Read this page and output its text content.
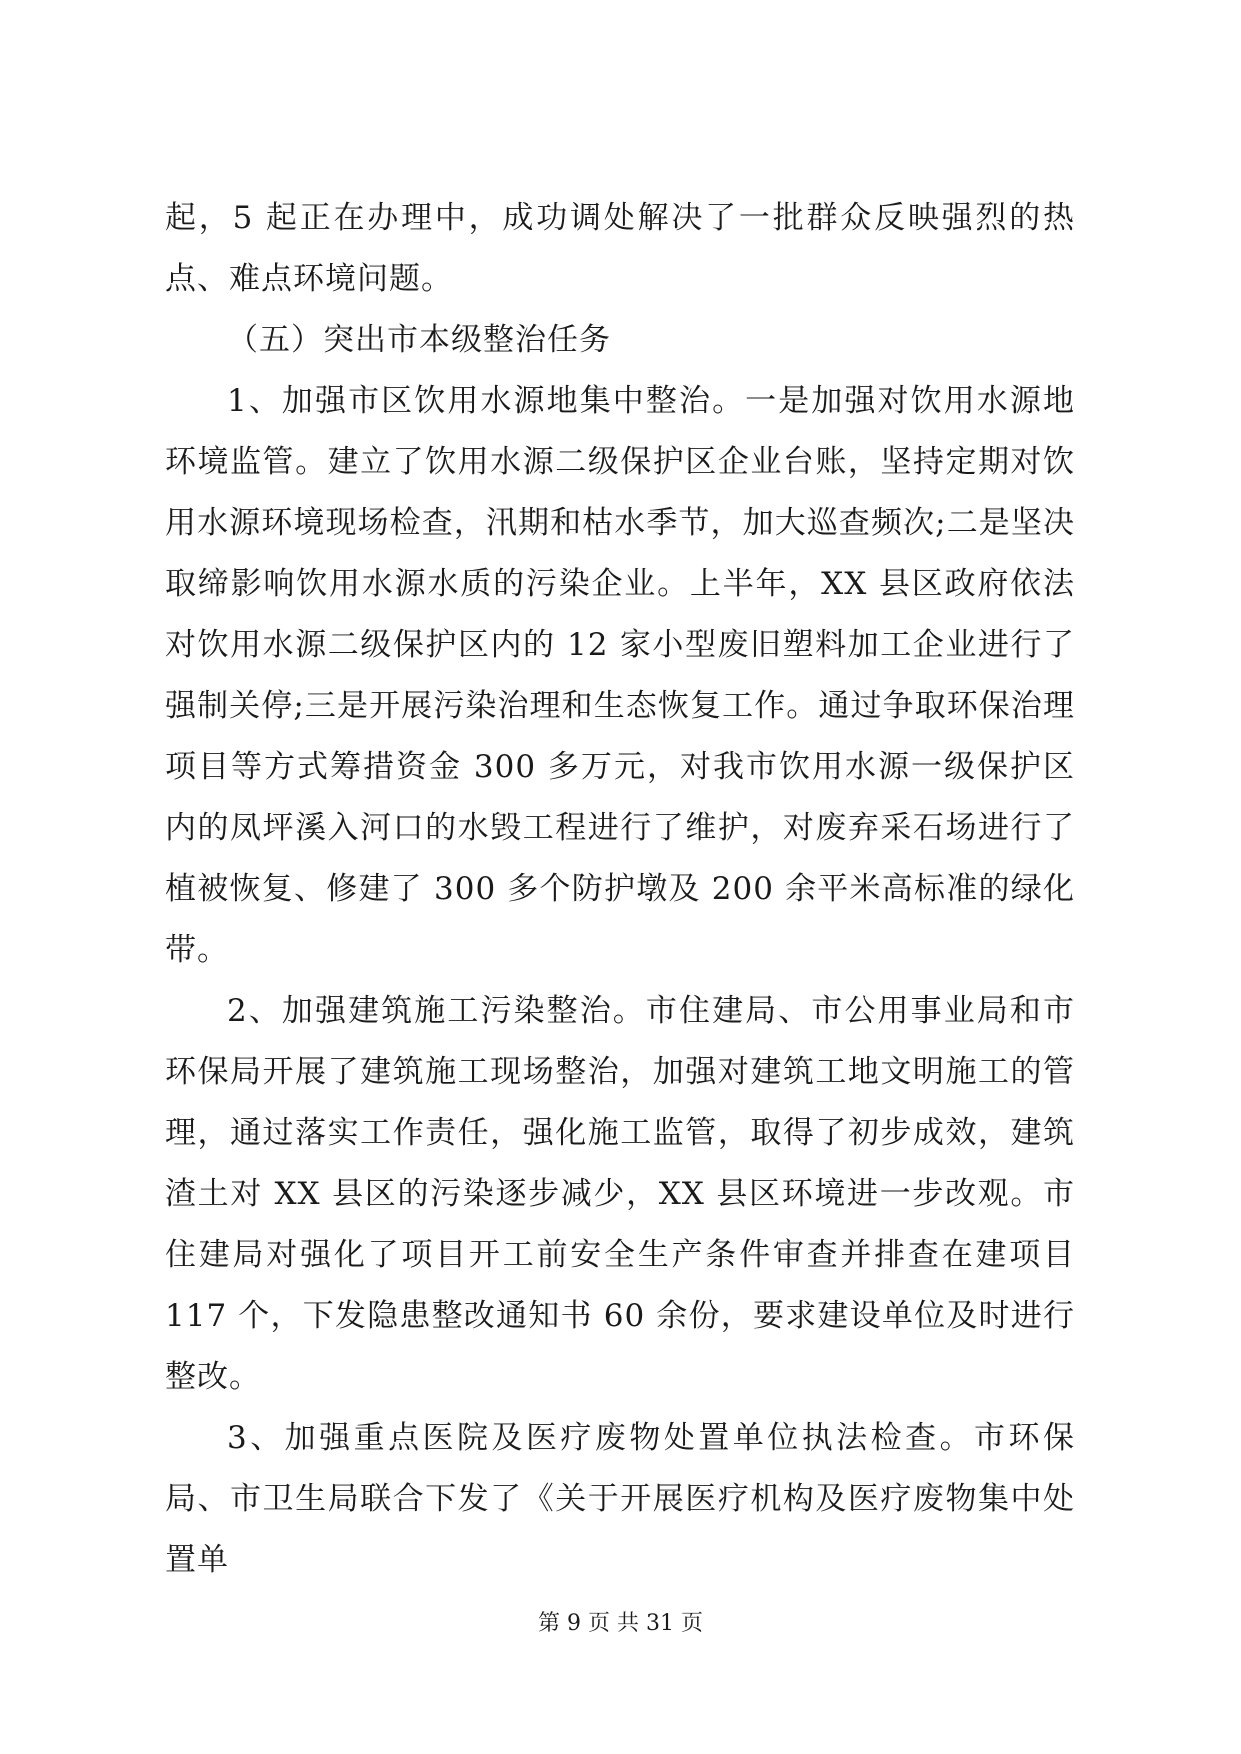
起，5 起正在办理中，成功调处解决了一批群众反映强烈的热点、难点环境问题。

（五）突出市本级整治任务

1、加强市区饮用水源地集中整治。一是加强对饮用水源地环境监管。建立了饮用水源二级保护区企业台账，坚持定期对饮用水源环境现场检查，汛期和枯水季节，加大巡查频次;二是坚决取缔影响饮用水源水质的污染企业。上半年，XX 县区政府依法对饮用水源二级保护区内的 12 家小型废旧塑料加工企业进行了强制关停;三是开展污染治理和生态恢复工作。通过争取环保治理项目等方式筹措资金 300 多万元，对我市饮用水源一级保护区内的凤坪溪入河口的水毁工程进行了维护，对废弃采石场进行了植被恢复、修建了 300 多个防护墩及 200 余平米高标准的绿化带。

2、加强建筑施工污染整治。市住建局、市公用事业局和市环保局开展了建筑施工现场整治，加强对建筑工地文明施工的管理，通过落实工作责任，强化施工监管，取得了初步成效，建筑渣土对 XX 县区的污染逐步减少，XX 县区环境进一步改观。市住建局对强化了项目开工前安全生产条件审查并排查在建项目 117 个，下发隐患整改通知书 60 余份，要求建设单位及时进行整改。

3、加强重点医院及医疗废物处置单位执法检查。市环保局、市卫生局联合下发了《关于开展医疗机构及医疗废物集中处置单

第 9 页 共 31 页
